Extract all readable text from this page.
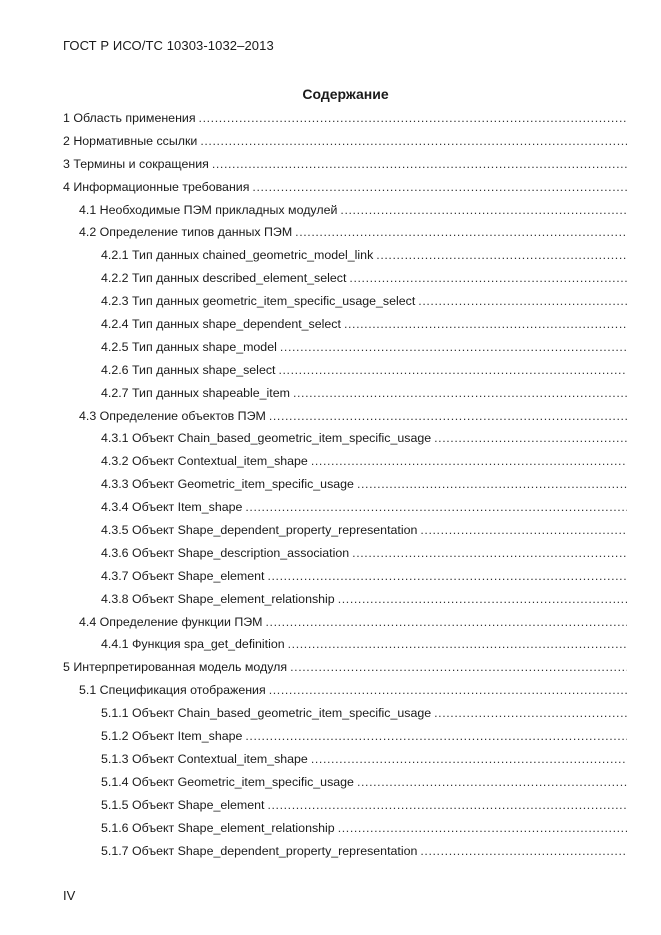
ГОСТ Р ИСО/ТС 10303-1032–2013
Содержание
1 Область применения
.....
2 Нормативные ссылки
.....
3 Термины и сокращения
.....
4 Информационные требования
.....
4.1 Необходимые ПЭМ прикладных модулей
.....
4.2 Определение типов данных ПЭМ
.....
4.2.1 Тип данных chained_geometric_model_link
.....
4.2.2 Тип данных described_element_select
.....
4.2.3 Тип данных geometric_item_specific_usage_select
.....
4.2.4 Тип данных shape_dependent_select
.....
4.2.5 Тип данных shape_model
.....
4.2.6 Тип данных shape_select
.....
4.2.7 Тип данных shapeable_item
.....
4.3 Определение объектов ПЭМ
.....
4.3.1 Объект Chain_based_geometric_item_specific_usage
.....
4.3.2 Объект Contextual_item_shape
.....
4.3.3 Объект Geometric_item_specific_usage
.....
4.3.4 Объект Item_shape
.....
4.3.5 Объект Shape_dependent_property_representation
.....
4.3.6 Объект Shape_description_association
.....
4.3.7 Объект Shape_element
.....
4.3.8 Объект Shape_element_relationship
.....
4.4 Определение функции ПЭМ
.....
4.4.1 Функция spa_get_definition
.....
5 Интерпретированная модель модуля
.....
5.1 Спецификация отображения
.....
5.1.1 Объект Chain_based_geometric_item_specific_usage
.....
5.1.2 Объект Item_shape
.....
5.1.3 Объект Contextual_item_shape
.....
5.1.4 Объект Geometric_item_specific_usage
.....
5.1.5 Объект Shape_element
.....
5.1.6 Объект Shape_element_relationship
.....
5.1.7 Объект Shape_dependent_property_representation
.....
IV
